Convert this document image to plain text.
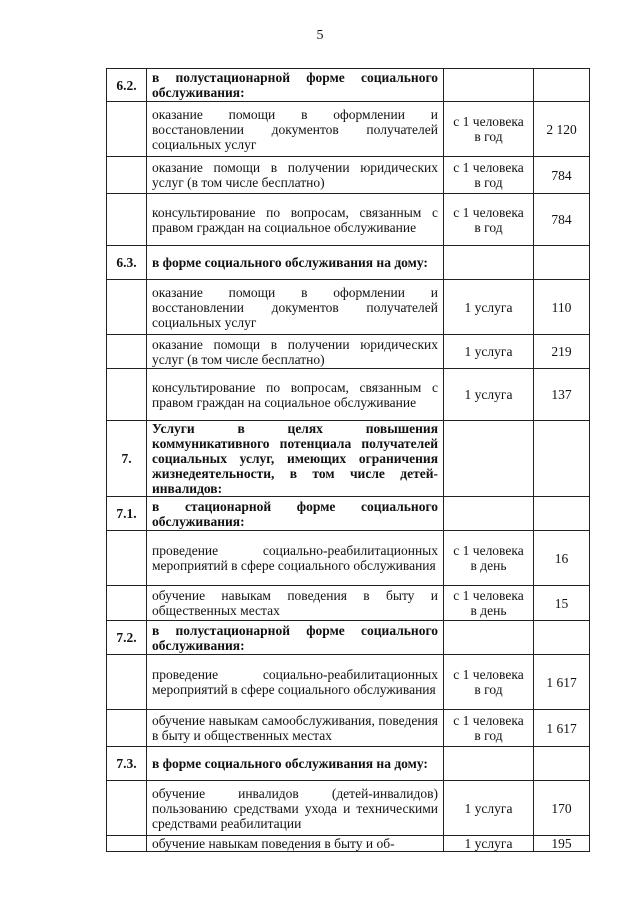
5
6.2.	в полустационарной форме социального обслуживания:		
	оказание помощи в оформлении и восстановлении документов получателей социальных услуг	с 1 человека в год	2 120
	оказание помощи в получении юридических услуг (в том числе бесплатно)	с 1 человека в год	784
	консультирование по вопросам, связанным с правом граждан на социальное обслуживание	с 1 человека в год	784
6.3.	в форме социального обслуживания на дому:		
	оказание помощи в оформлении и восстановлении документов получателей социальных услуг	1 услуга	110
	оказание помощи в получении юридических услуг (в том числе бесплатно)	1 услуга	219
	консультирование по вопросам, связанным с правом граждан на социальное обслуживание	1 услуга	137
7.	Услуги в целях повышения коммуникативного потенциала получателей социальных услуг, имеющих ограничения жизнедеятельности, в том числе детей-инвалидов:		
7.1.	в стационарной форме социального обслуживания:		
	проведение социально-реабилитационных мероприятий в сфере социального обслуживания	с 1 человека в день	16
	обучение навыкам поведения в быту и общественных местах	с 1 человека в день	15
7.2.	в полустационарной форме социального обслуживания:		
	проведение социально-реабилитационных мероприятий в сфере социального обслуживания	с 1 человека в год	1 617
	обучение навыкам самообслуживания, поведения в быту и общественных местах	с 1 человека в год	1 617
7.3.	в форме социального обслуживания на дому:		
	обучение инвалидов (детей-инвалидов) пользованию средствами ухода и техническими средствами реабилитации	1 услуга	170
	обучение навыкам поведения в быту и об-	1 услуга	195
